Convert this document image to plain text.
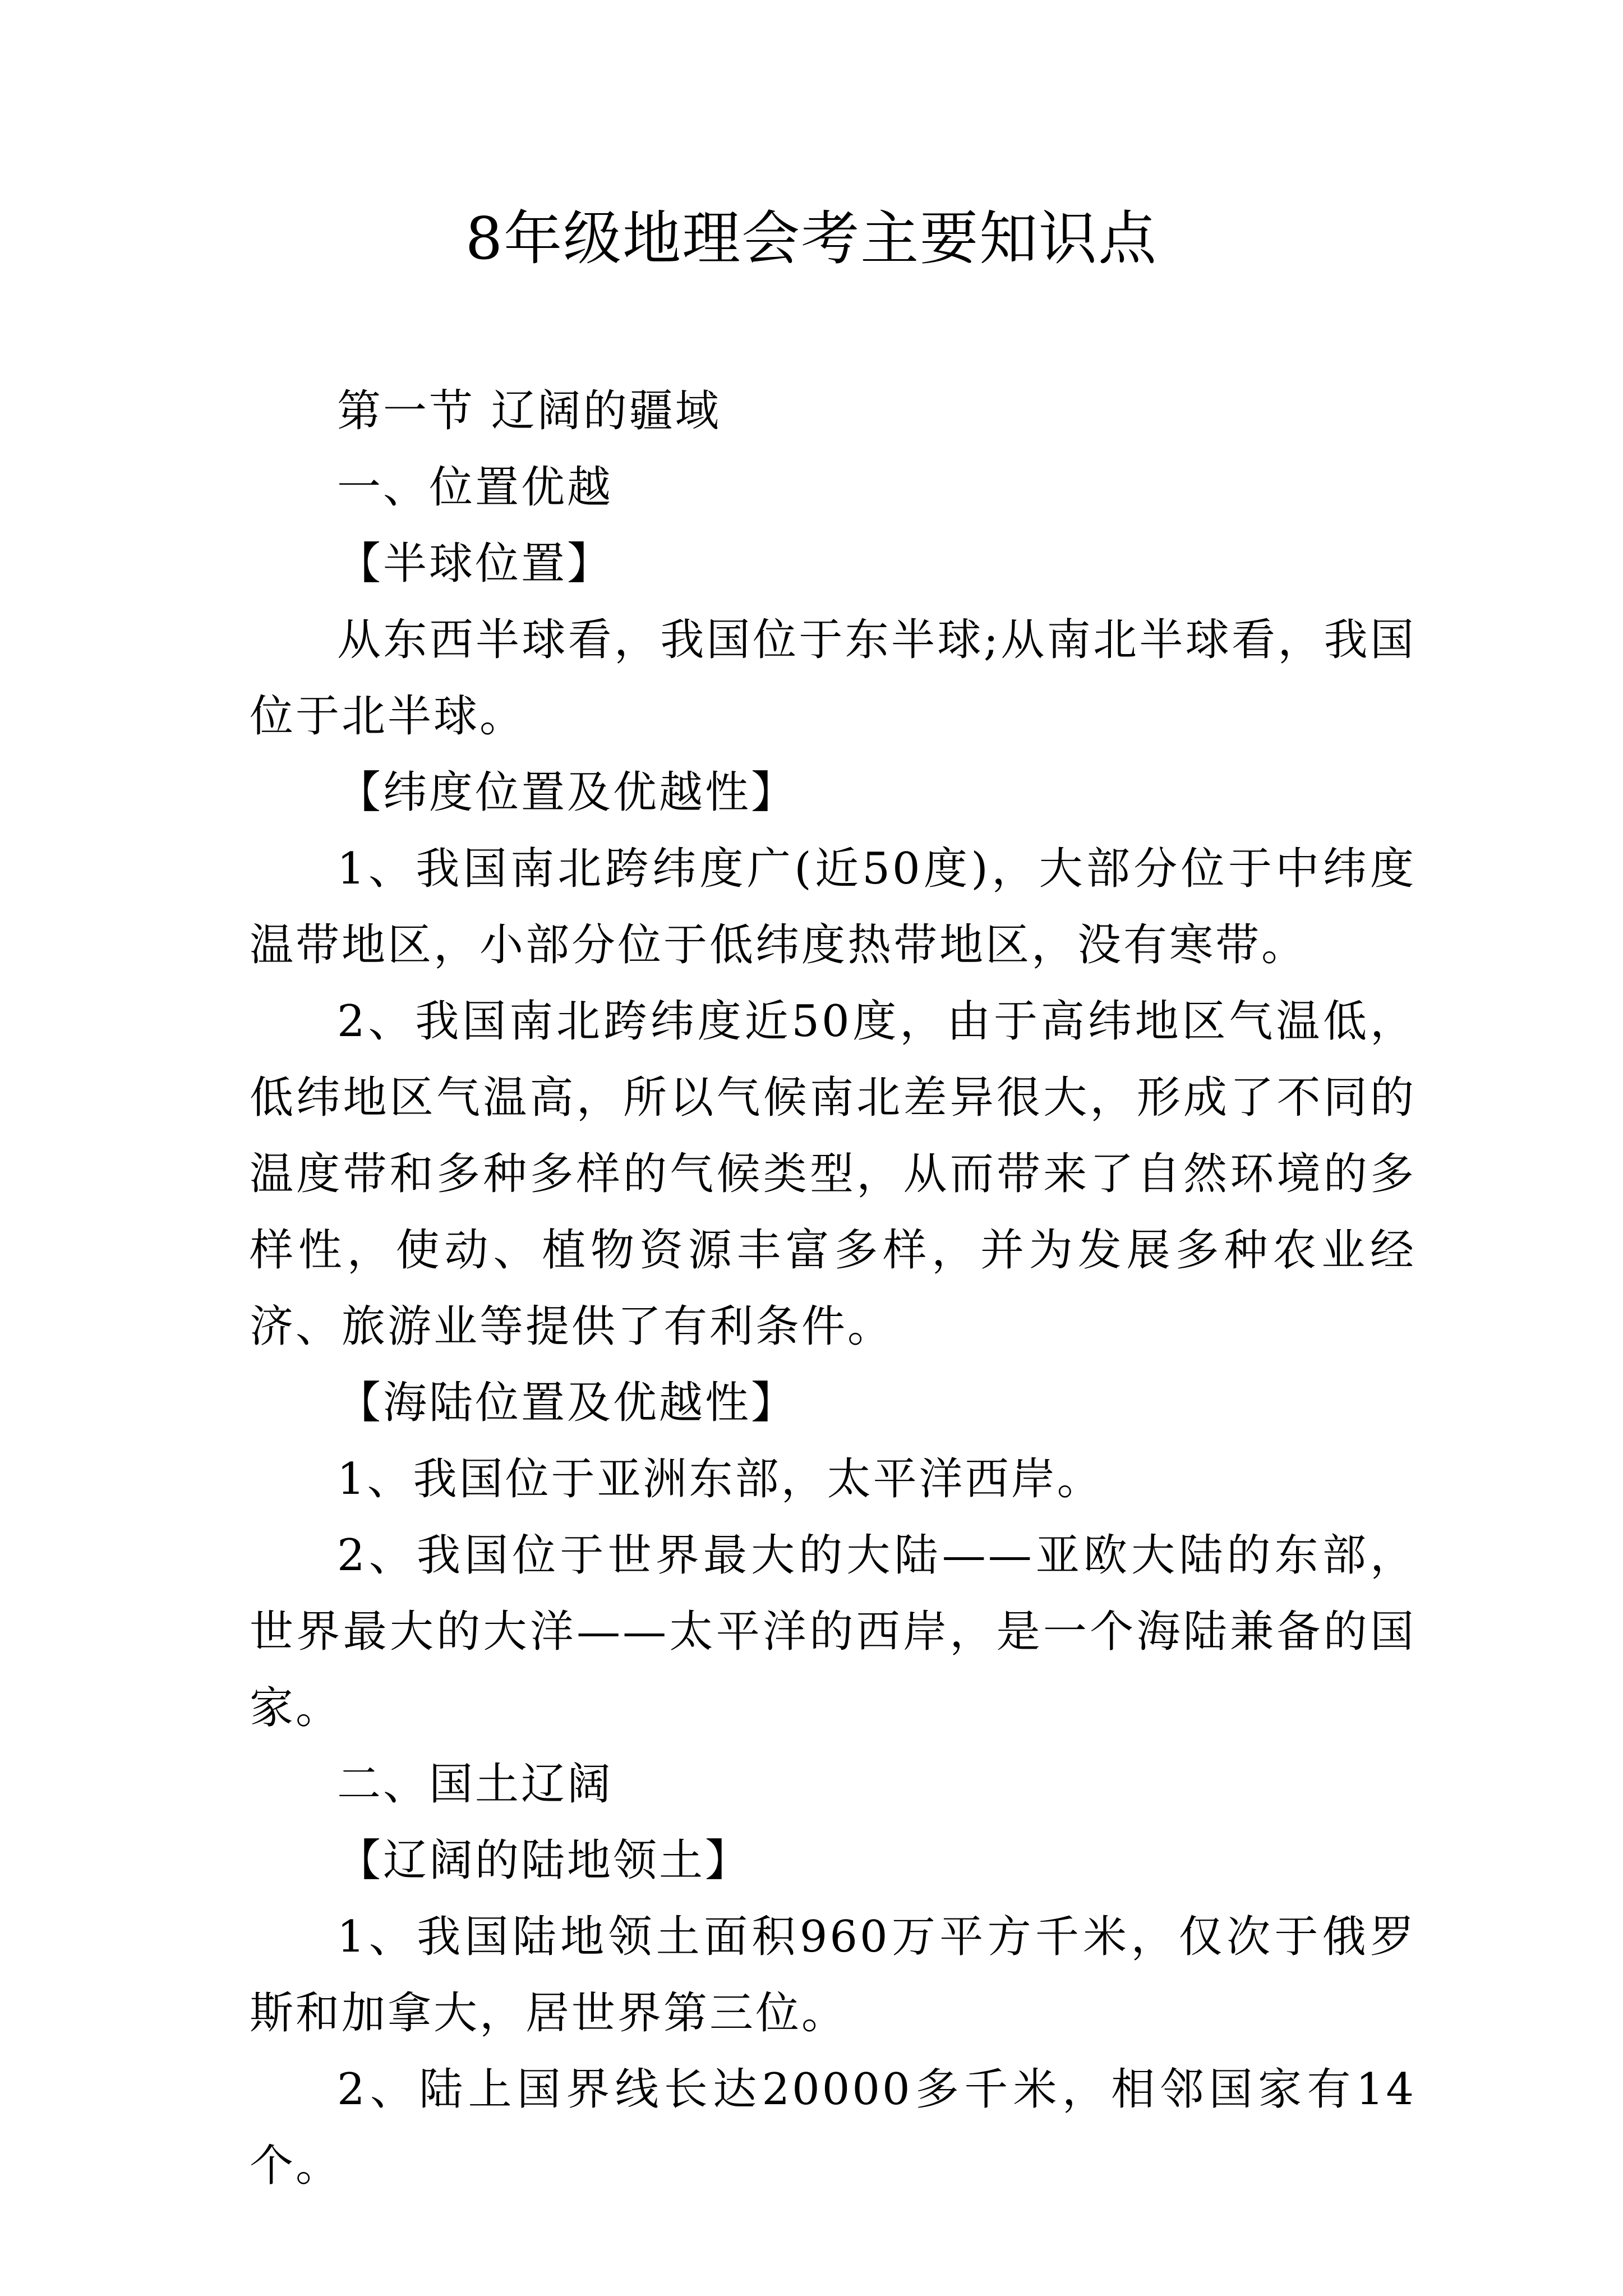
8年级地理会考主要知识点

第一节 辽阔的疆域

一、位置优越

【半球位置】

从东西半球看，我国位于东半球;从南北半球看，我国位于北半球。

【纬度位置及优越性】

1、我国南北跨纬度广(近50度)，大部分位于中纬度温带地区，小部分位于低纬度热带地区，没有寒带。

2、我国南北跨纬度近50度，由于高纬地区气温低，低纬地区气温高，所以气候南北差异很大，形成了不同的温度带和多种多样的气候类型，从而带来了自然环境的多样性，使动、植物资源丰富多样，并为发展多种农业经济、旅游业等提供了有利条件。

【海陆位置及优越性】

1、我国位于亚洲东部，太平洋西岸。

2、我国位于世界最大的大陆——亚欧大陆的东部，世界最大的大洋——太平洋的西岸，是一个海陆兼备的国家。

二、国土辽阔

【辽阔的陆地领土】

1、我国陆地领土面积960万平方千米，仅次于俄罗斯和加拿大，居世界第三位。

2、陆上国界线长达20000多千米，相邻国家有14个。
